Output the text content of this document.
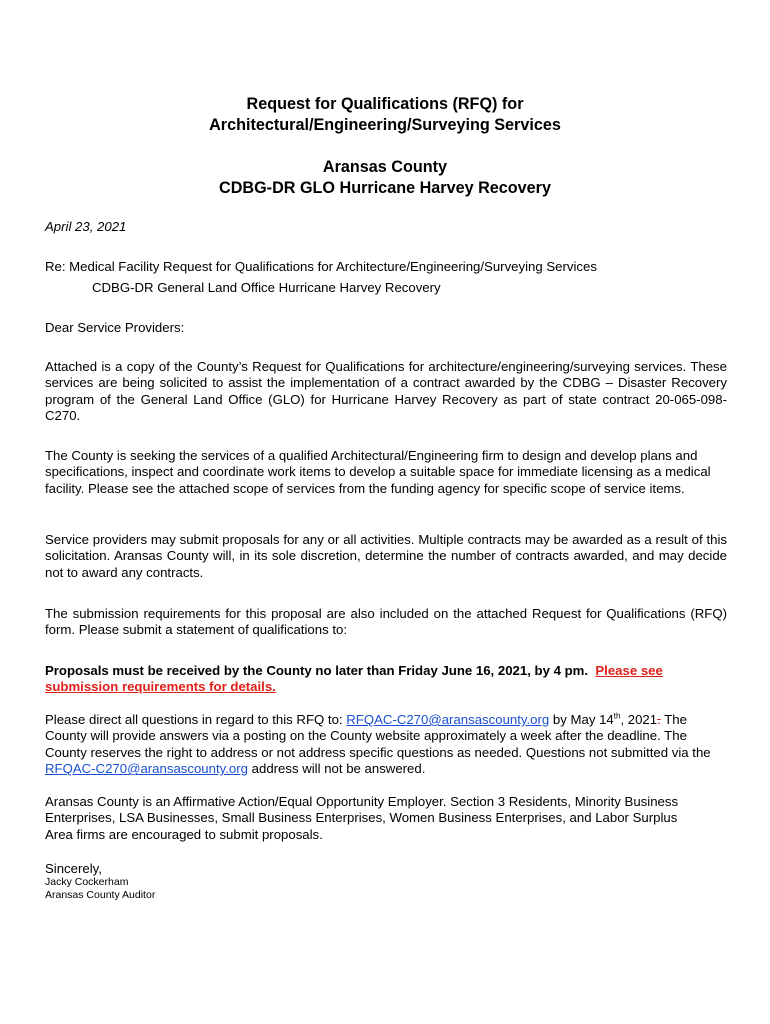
Request for Qualifications (RFQ) for
Architectural/Engineering/Surveying Services
Aransas County
CDBG-DR GLO Hurricane Harvey Recovery
April 23, 2021
Re: Medical Facility Request for Qualifications for Architecture/Engineering/Surveying Services
CDBG-DR General Land Office Hurricane Harvey Recovery
Dear Service Providers:
Attached is a copy of the County’s Request for Qualifications for architecture/engineering/surveying services. These services are being solicited to assist the implementation of a contract awarded by the CDBG – Disaster Recovery program of the General Land Office (GLO) for Hurricane Harvey Recovery as part of state contract 20-065-098-C270.
The County is seeking the services of a qualified Architectural/Engineering firm to design and develop plans and specifications, inspect and coordinate work items to develop a suitable space for immediate licensing as a medical facility. Please see the attached scope of services from the funding agency for specific scope of service items.
Service providers may submit proposals for any or all activities. Multiple contracts may be awarded as a result of this solicitation. Aransas County will, in its sole discretion, determine the number of contracts awarded, and may decide not to award any contracts.
The submission requirements for this proposal are also included on the attached Request for Qualifications (RFQ) form. Please submit a statement of qualifications to:
Proposals must be received by the County no later than Friday June 16, 2021, by 4 pm. Please see submission requirements for details.
Please direct all questions in regard to this RFQ to: RFQAC-C270@aransascounty.org by May 14th, 2021. The County will provide answers via a posting on the County website approximately a week after the deadline. The County reserves the right to address or not address specific questions as needed. Questions not submitted via the RFQAC-C270@aransascounty.org address will not be answered.
Aransas County is an Affirmative Action/Equal Opportunity Employer. Section 3 Residents, Minority Business Enterprises, LSA Businesses, Small Business Enterprises, Women Business Enterprises, and Labor Surplus
Area firms are encouraged to submit proposals.
Sincerely,
Jacky Cockerham
Aransas County Auditor
